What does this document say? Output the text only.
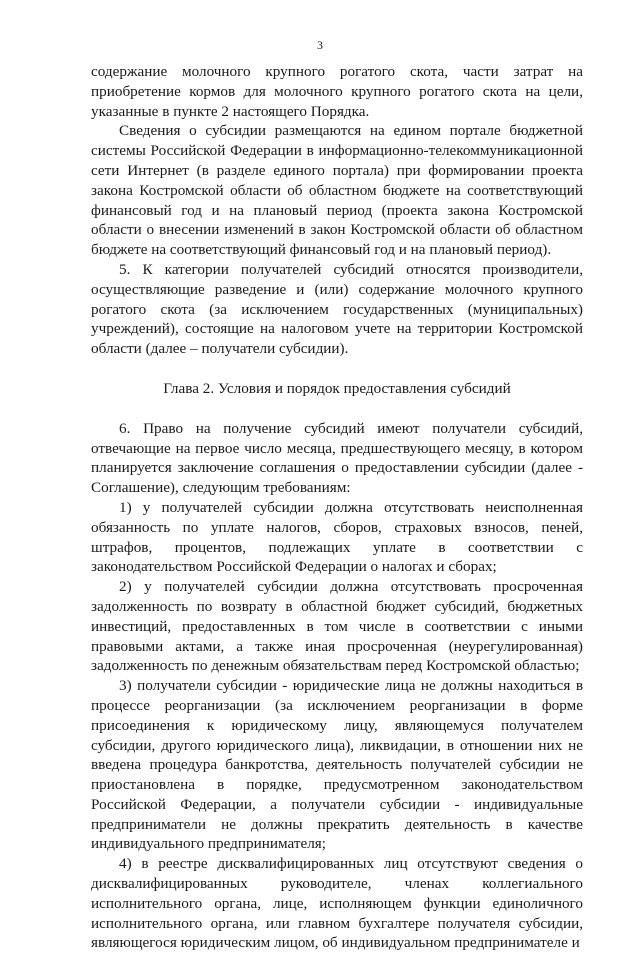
3

содержание молочного крупного рогатого скота, части затрат на приобретение кормов для молочного крупного рогатого скота на цели, указанные в пункте 2 настоящего Порядка.

Сведения о субсидии размещаются на едином портале бюджетной системы Российской Федерации в информационно-телекоммуникационной сети Интернет (в разделе единого портала) при формировании проекта закона Костромской области об областном бюджете на соответствующий финансовый год и на плановый период (проекта закона Костромской области о внесении изменений в закон Костромской области об областном бюджете на соответствующий финансовый год и на плановый период).

5. К категории получателей субсидий относятся производители, осуществляющие разведение и (или) содержание молочного крупного рогатого скота (за исключением государственных (муниципальных) учреждений), состоящие на налоговом учете на территории Костромской области (далее – получатели субсидии).

Глава 2. Условия и порядок предоставления субсидий

6. Право на получение субсидий имеют получатели субсидий, отвечающие на первое число месяца, предшествующего месяцу, в котором планируется заключение соглашения о предоставлении субсидии (далее - Соглашение), следующим требованиям:

1) у получателей субсидии должна отсутствовать неисполненная обязанность по уплате налогов, сборов, страховых взносов, пеней, штрафов, процентов, подлежащих уплате в соответствии с законодательством Российской Федерации о налогах и сборах;

2) у получателей субсидии должна отсутствовать просроченная задолженность по возврату в областной бюджет субсидий, бюджетных инвестиций, предоставленных в том числе в соответствии с иными правовыми актами, а также иная просроченная (неурегулированная) задолженность по денежным обязательствам перед Костромской областью;

3) получатели субсидии - юридические лица не должны находиться в процессе реорганизации (за исключением реорганизации в форме присоединения к юридическому лицу, являющемуся получателем субсидии, другого юридического лица), ликвидации, в отношении них не введена процедура банкротства, деятельность получателей субсидии не приостановлена в порядке, предусмотренном законодательством Российской Федерации, а получатели субсидии - индивидуальные предприниматели не должны прекратить деятельность в качестве индивидуального предпринимателя;

4) в реестре дисквалифицированных лиц отсутствуют сведения о дисквалифицированных руководителе, членах коллегиального исполнительного органа, лице, исполняющем функции единоличного исполнительного органа, или главном бухгалтере получателя субсидии, являющегося юридическим лицом, об индивидуальном предпринимателе и
